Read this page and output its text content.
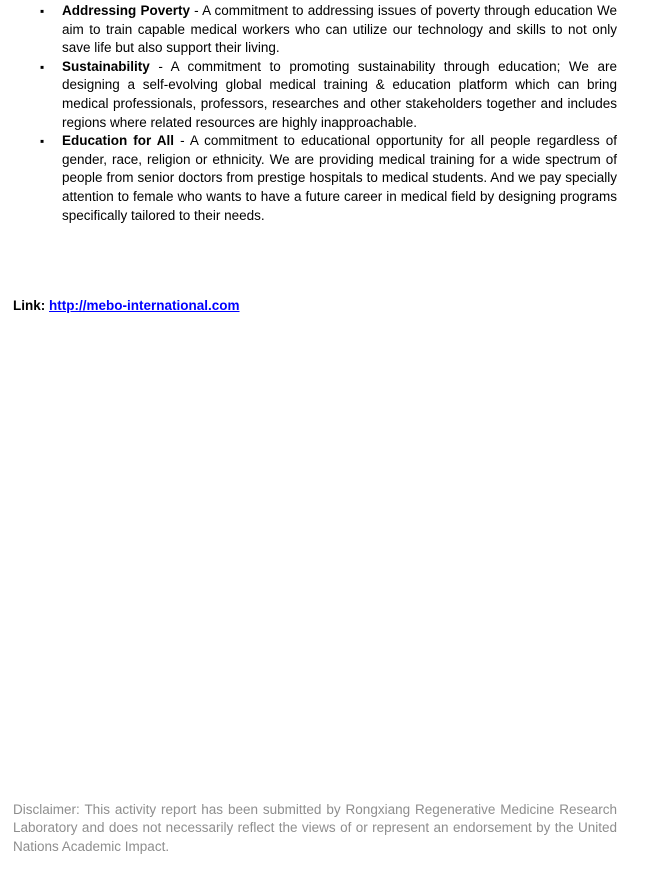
▪ Addressing Poverty - A commitment to addressing issues of poverty through education We aim to train capable medical workers who can utilize our technology and skills to not only save life but also support their living.
▪ Sustainability - A commitment to promoting sustainability through education; We are designing a self-evolving global medical training & education platform which can bring medical professionals, professors, researches and other stakeholders together and includes regions where related resources are highly inapproachable.
▪ Education for All - A commitment to educational opportunity for all people regardless of gender, race, religion or ethnicity. We are providing medical training for a wide spectrum of people from senior doctors from prestige hospitals to medical students. And we pay specially attention to female who wants to have a future career in medical field by designing programs specifically tailored to their needs.
Link: http://mebo-international.com

Disclaimer: This activity report has been submitted by Rongxiang Regenerative Medicine Research Laboratory and does not necessarily reflect the views of or represent an endorsement by the United Nations Academic Impact.
